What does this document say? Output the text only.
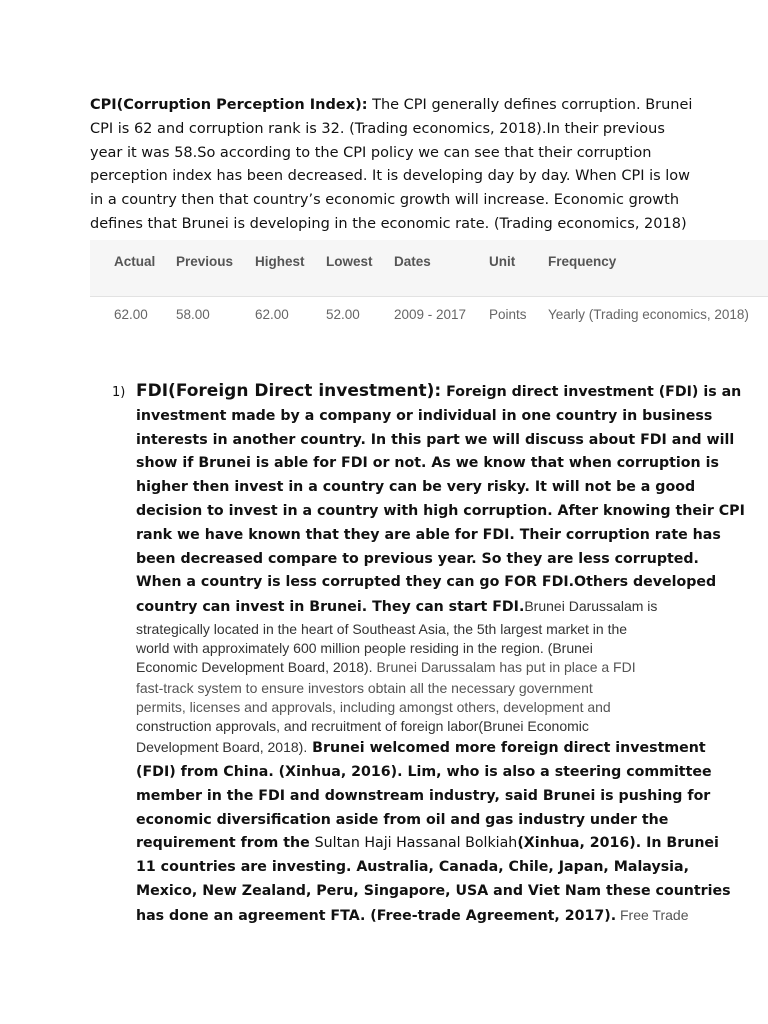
CPI(Corruption Perception Index): The CPI generally defines corruption. Brunei

CPI is 62 and corruption rank is 32. (Trading economics, 2018).In their previous

year it was 58.So according to the CPI policy we can see that their corruption

perception index has been decreased. It is developing day by day. When CPI is low

in a country then that country’s economic growth will increase. Economic growth

defines that Brunei is developing in the economic rate. (Trading economics, 2018)

Actual Previous Highest Lowest Dates	Unit Frequency
62.00 58.00	62.00	52.00	2009 - 2017 Points Yearly (Trading economics, 2018)
1) FDI(Foreign Direct investment): Foreign direct investment (FDI) is an
investment made by a company or individual in one country in business
interests in another country. In this part we will discuss about FDI and will
show if Brunei is able for FDI or not. As we know that when corruption is
higher then invest in a country can be very risky. It will not be a good
decision to invest in a country with high corruption. After knowing their CPI
rank we have known that they are able for FDI. Their corruption rate has
been decreased compare to previous year. So they are less corrupted.
When a country is less corrupted they can go FOR FDI.Others developed
country can invest in Brunei. They can start FDI.Brunei Darussalam is
strategically located in the heart of Southeast Asia, the 5th largest market in the
world with approximately 600 million people residing in the region. (Brunei
Economic Development Board, 2018). Brunei Darussalam has put in place a FDI
fast-track system to ensure investors obtain all the necessary government
permits, licenses and approvals, including amongst others, development and
construction approvals, and recruitment of foreign labor(Brunei Economic
Development Board, 2018). Brunei welcomed more foreign direct investment
(FDI) from China. (Xinhua, 2016). Lim, who is also a steering committee
member in the FDI and downstream industry, said Brunei is pushing for
economic diversification aside from oil and gas industry under the
requirement from the Sultan Haji Hassanal Bolkiah(Xinhua, 2016). In Brunei
11 countries are investing. Australia, Canada, Chile, Japan, Malaysia,
Mexico, New Zealand, Peru, Singapore, USA and Viet Nam these countries
has done an agreement FTA. (Free-trade Agreement, 2017). Free Trade
